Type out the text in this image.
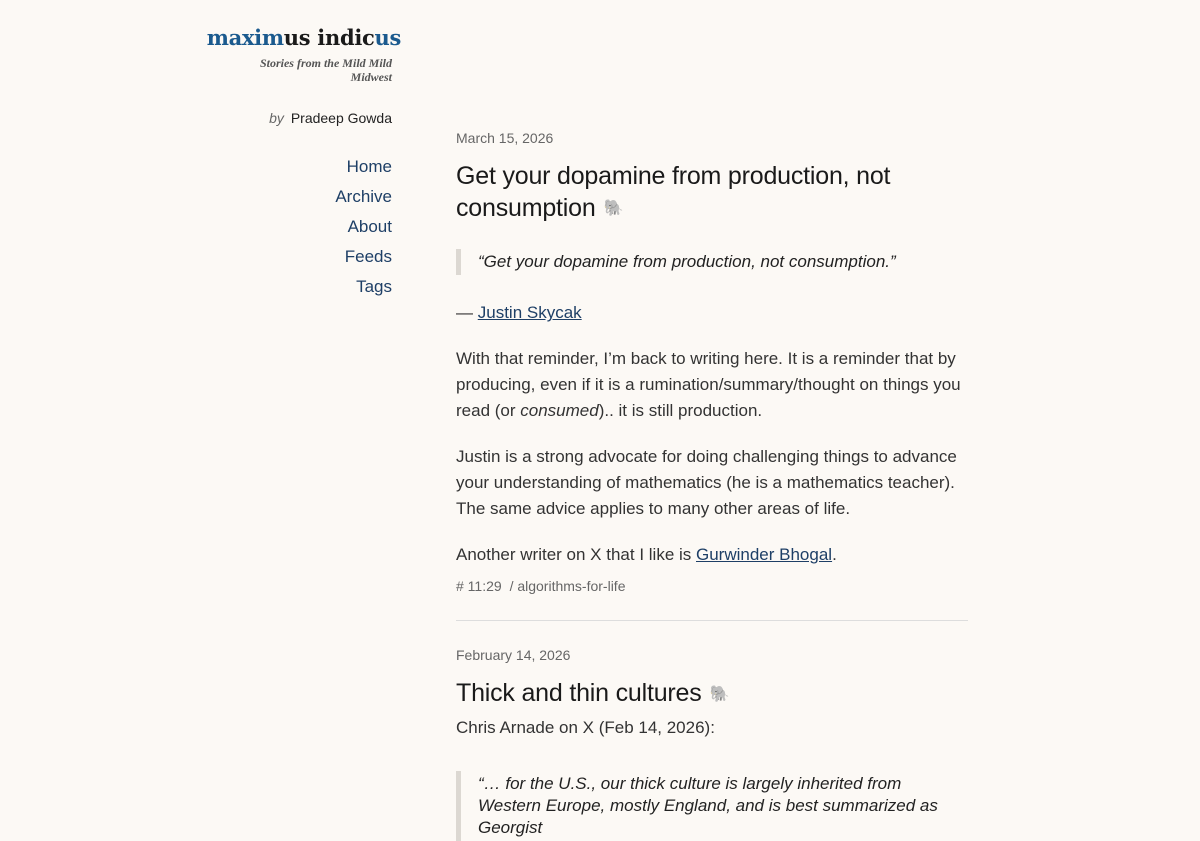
maximus indicus
Stories from the Mild Mild Midwest
by Pradeep Gowda
Home
Archive
About
Feeds
Tags
March 15, 2026
Get your dopamine from production, not consumption 🐘
“Get your dopamine from production, not consumption.”
— Justin Skycak

With that reminder, I’m back to writing here. It is a reminder that by producing, even if it is a rumination/summary/thought on things you read (or consumed).. it is still production.

Justin is a strong advocate for doing challenging things to advance your understanding of mathematics (he is a mathematics teacher). The same advice applies to many other areas of life.

Another writer on X that I like is Gurwinder Bhogal.

# 11:29 / algorithms-for-life
February 14, 2026
Thick and thin cultures 🐘

Chris Arnade on X (Feb 14, 2026):

“… for the U.S., our thick culture is largely inherited from Western Europe, mostly England, and is best summarized as Georgist
